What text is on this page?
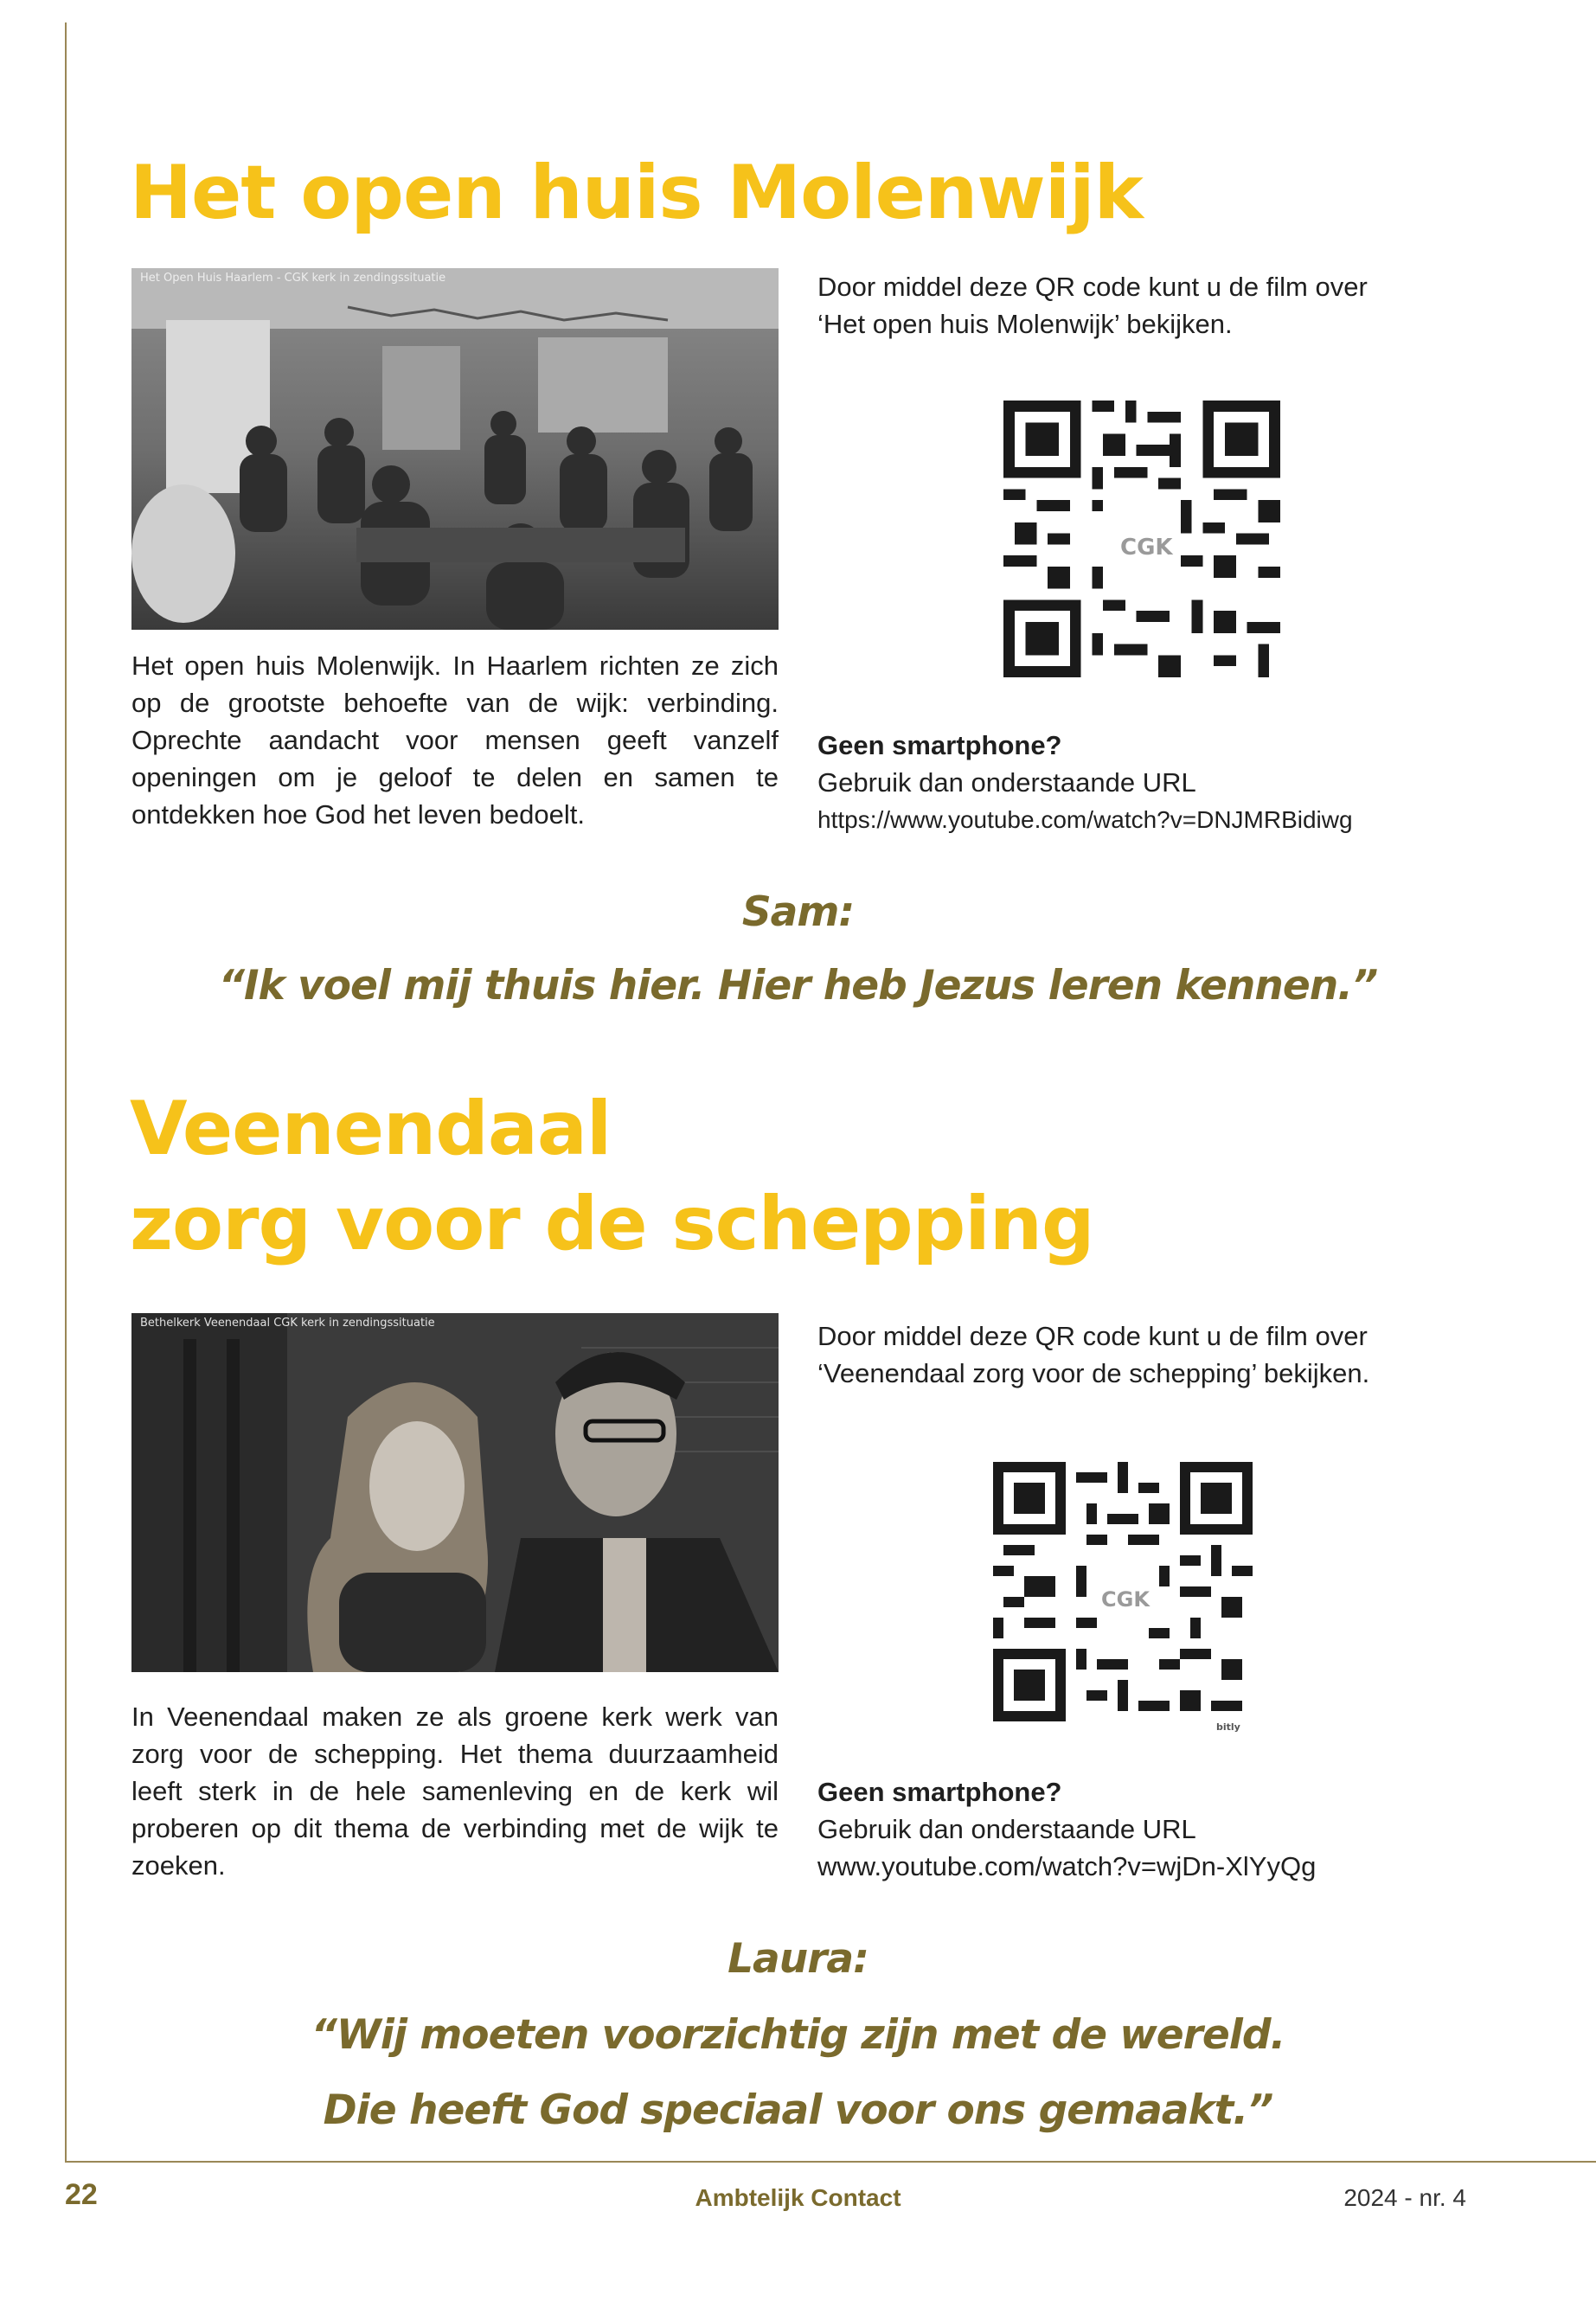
Het open huis Molenwijk
Het Open Huis Haarlem - CGK kerk in zendingssituatie	Door middel deze QR code kunt u de film over
‘Het open huis Molenwijk’ bekijken.

CGK

Het open huis Molenwijk. In Haarlem richten ze zich op de grootste behoefte van de wijk: verbinding. Oprechte aandacht voor mensen geeft vanzelf openingen om je geloof te delen en samen te ontdekken hoe God het leven bedoelt.

Geen smartphone?
Gebruik dan onderstaande URL
https://www.youtube.com/watch?v=DNJMRBidiwg
Sam:
“Ik voel mij thuis hier. Hier heb Jezus leren kennen.”
Veenendaal
zorg voor de schepping
Bethelkerk Veenendaal CGK kerk in zendingssituatie	Door middel deze QR code kunt u de film over
‘Veenendaal zorg voor de schepping’ bekijken.

CGK
bitly

In Veenendaal maken ze als groene kerk werk van zorg voor de schepping. Het thema duurzaamheid leeft sterk in de hele samenleving en de kerk wil proberen op dit thema de verbinding met de wijk te zoeken.

Geen smartphone?
Gebruik dan onderstaande URL
www.youtube.com/watch?v=wjDn-XlYyQg
Laura:
“Wij moeten voorzichtig zijn met de wereld.
Die heeft God speciaal voor ons gemaakt.”
22	Ambtelijk Contact	2024 - nr. 4
